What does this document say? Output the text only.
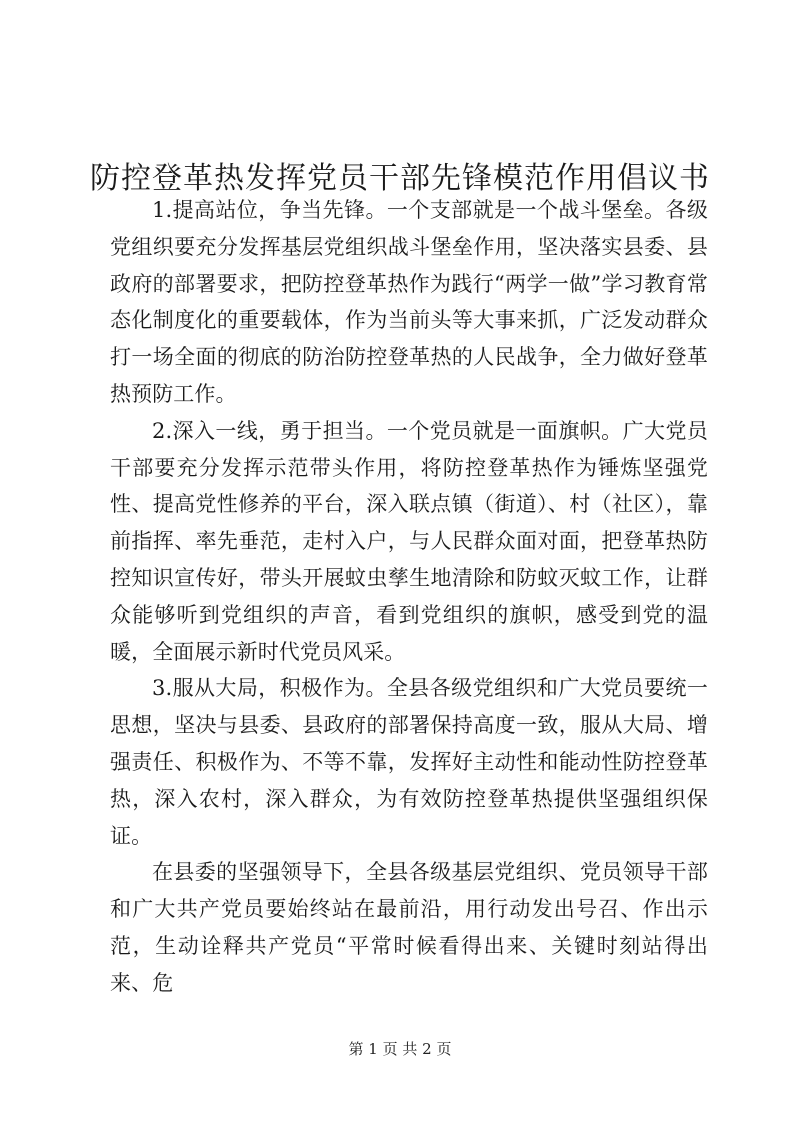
防控登革热发挥党员干部先锋模范作用倡议书

1.提高站位，争当先锋。一个支部就是一个战斗堡垒。各级党组织要充分发挥基层党组织战斗堡垒作用，坚决落实县委、县政府的部署要求，把防控登革热作为践行“两学一做”学习教育常态化制度化的重要载体，作为当前头等大事来抓，广泛发动群众打一场全面的彻底的防治防控登革热的人民战争，全力做好登革热预防工作。

2.深入一线，勇于担当。一个党员就是一面旗帜。广大党员干部要充分发挥示范带头作用，将防控登革热作为锤炼坚强党性、提高党性修养的平台，深入联点镇（街道）、村（社区），靠前指挥、率先垂范，走村入户，与人民群众面对面，把登革热防控知识宣传好，带头开展蚊虫孳生地清除和防蚊灭蚊工作，让群众能够听到党组织的声音，看到党组织的旗帜，感受到党的温暖，全面展示新时代党员风采。

3.服从大局，积极作为。全县各级党组织和广大党员要统一思想，坚决与县委、县政府的部署保持高度一致，服从大局、增强责任、积极作为、不等不靠，发挥好主动性和能动性防控登革热，深入农村，深入群众，为有效防控登革热提供坚强组织保证。

在县委的坚强领导下，全县各级基层党组织、党员领导干部和广大共产党员要始终站在最前沿，用行动发出号召、作出示范，生动诠释共产党员“平常时候看得出来、关键时刻站得出来、危

第 1 页 共 2 页
